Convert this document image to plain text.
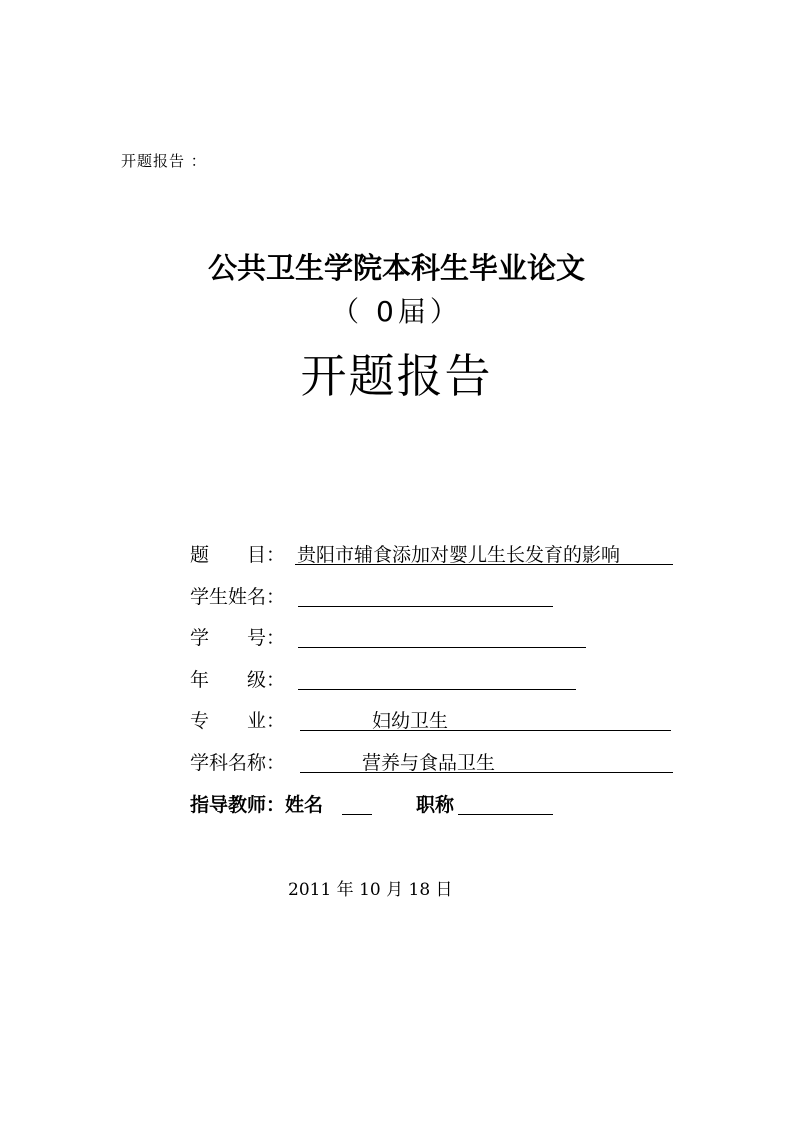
开题报告 ：
公共卫生学院本科生毕业论文
（ 0届）
开题报告
题　　目： 贵阳市辅食添加对婴儿生长发育的影响
学生姓名：
学　　号：
年　　级：
专　　业：	妇幼卫生
学科名称：	营养与食品卫生
指导教师：姓名	职称
2011 年 10 月 18 日
